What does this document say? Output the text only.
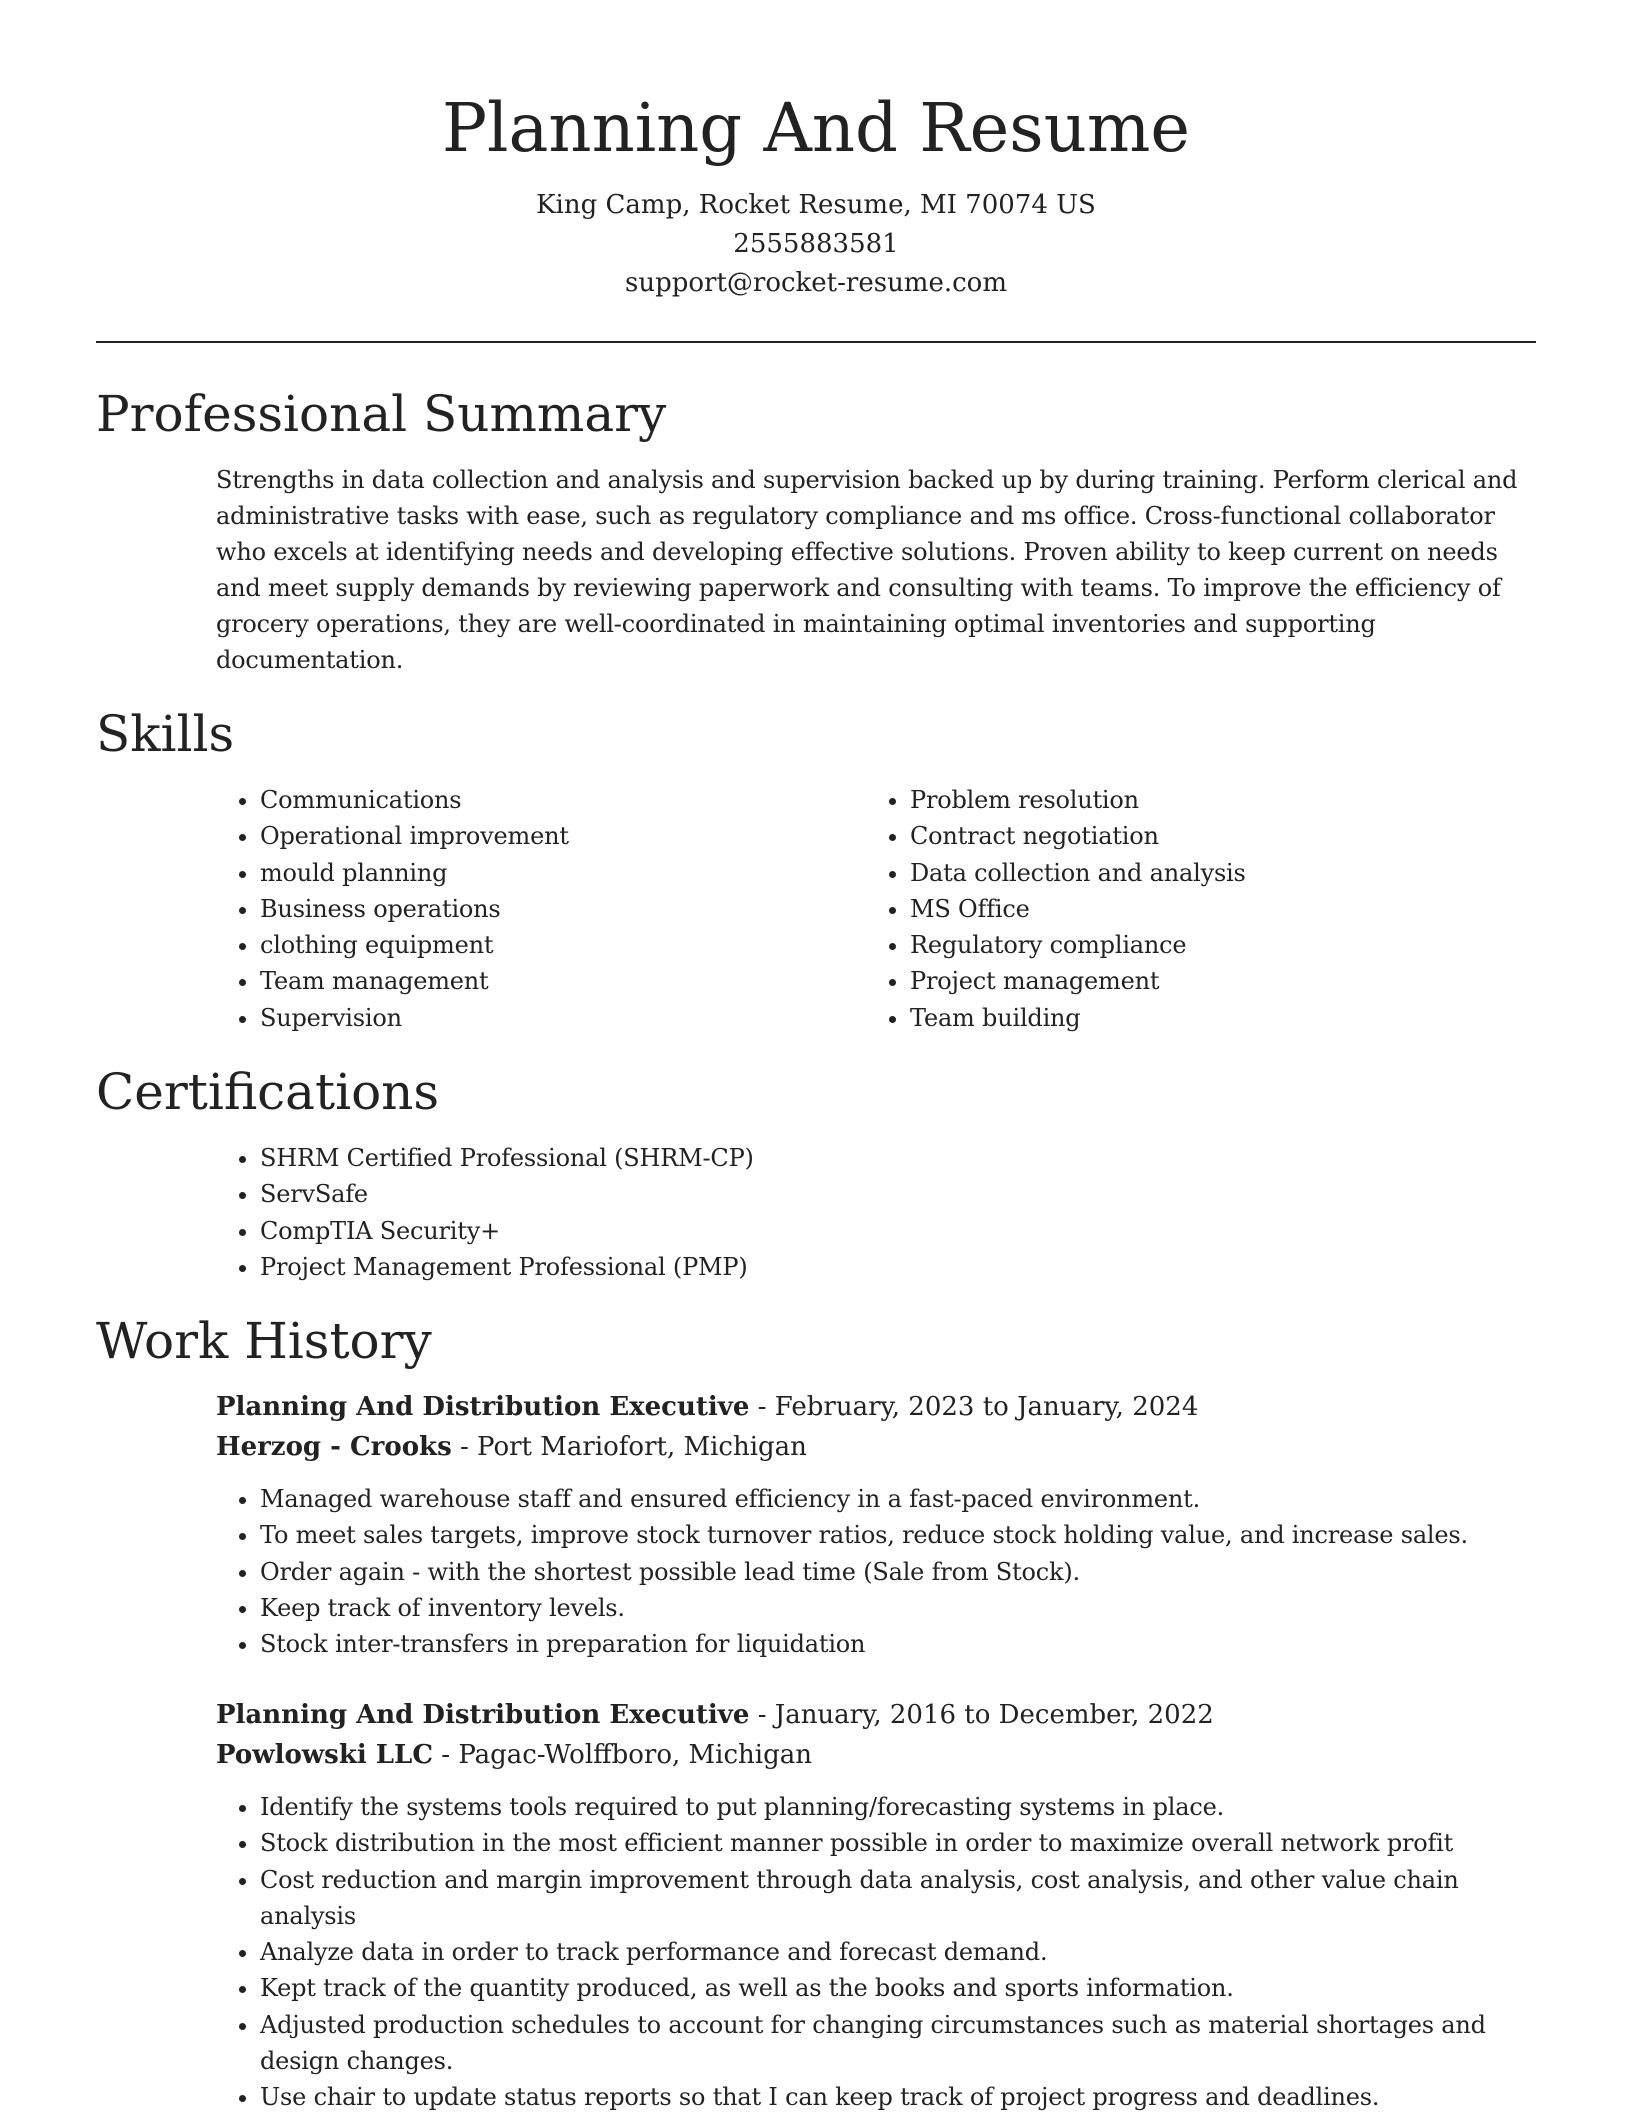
Planning And Resume

King Camp, Rocket Resume, MI 70074 US

2555883581

support@rocket-resume.com

Professional Summary

Strengths in data collection and analysis and supervision backed up by during training. Perform clerical and administrative tasks with ease, such as regulatory compliance and ms office. Cross-functional collaborator who excels at identifying needs and developing effective solutions. Proven ability to keep current on needs and meet supply demands by reviewing paperwork and consulting with teams. To improve the efficiency of grocery operations, they are well-coordinated in maintaining optimal inventories and supporting documentation.

Skills
• Communications
• Operational improvement
• mould planning
• Business operations
• clothing equipment
• Team management
• Supervision
• Problem resolution
• Contract negotiation
• Data collection and analysis
• MS Office
• Regulatory compliance
• Project management
• Team building
Certifications
• SHRM Certified Professional (SHRM-CP)
• ServSafe
• CompTIA Security+
• Project Management Professional (PMP)
Work History

Planning And Distribution Executive - February, 2023 to January, 2024

Herzog - Crooks - Port Mariofort, Michigan

• Managed warehouse staff and ensured efficiency in a fast-paced environment.
• To meet sales targets, improve stock turnover ratios, reduce stock holding value, and increase sales.
• Order again - with the shortest possible lead time (Sale from Stock).
• Keep track of inventory levels.
• Stock inter-transfers in preparation for liquidation

Planning And Distribution Executive - January, 2016 to December, 2022

Powlowski LLC - Pagac-Wolffboro, Michigan

• Identify the systems tools required to put planning/forecasting systems in place.
• Stock distribution in the most efficient manner possible in order to maximize overall network profit
• Cost reduction and margin improvement through data analysis, cost analysis, and other value chain analysis
• Analyze data in order to track performance and forecast demand.
• Kept track of the quantity produced, as well as the books and sports information.
• Adjusted production schedules to account for changing circumstances such as material shortages and design changes.
• Use chair to update status reports so that I can keep track of project progress and deadlines.
